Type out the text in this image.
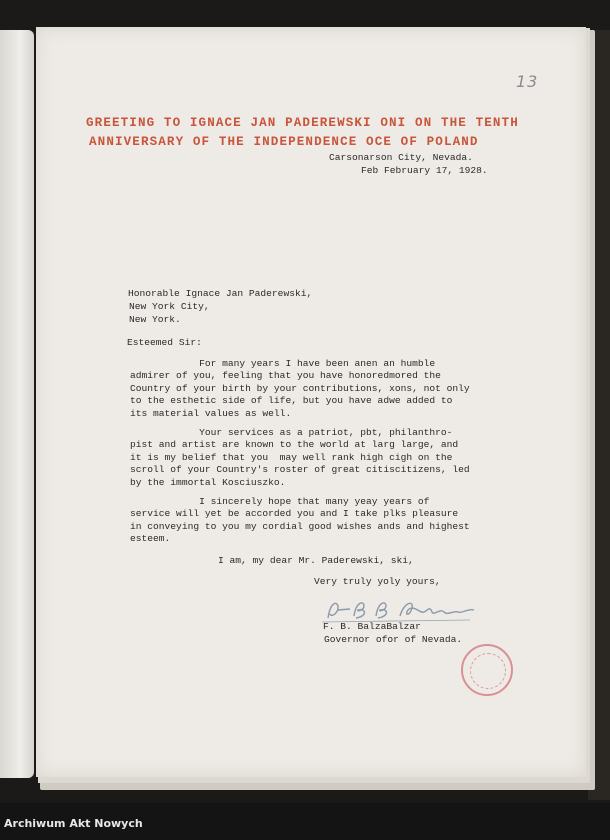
13
GREETING TO IGNACE JAN PADEREWSKI ONI ON THE TENTH
ANNIVERSARY OF THE INDEPENDENCE OCE OF POLAND
Carsonarson City, Nevada.
Feb February 17, 1928.
Honorable Ignace Jan Paderewski,
New York City,
New York.
Esteemed Sir:
For many years I have been anen an humble
admirer of you, feeling that you have honoredmored the
Country of your birth by your contributions, xons, not only
to the esthetic side of life, but you have adwe added to
its material values as well.
Your services as a patriot, pbt, philanthro-
pist and artist are known to the world at larg large, and
it is my belief that you  may well rank high cigh on the
scroll of your Country's roster of great citiscitizens, led
by the immortal Kosciuszko.
I sincerely hope that many yeay years of
service will yet be accorded you and I take plks pleasure
in conveying to you my cordial good wishes ands and highest
esteem.
I am, my dear Mr. Paderewski, ski,
Very truly yoly yours,
F. B. BalzaBalzar
Governor ofor of Nevada.
Archiwum Akt Nowych
